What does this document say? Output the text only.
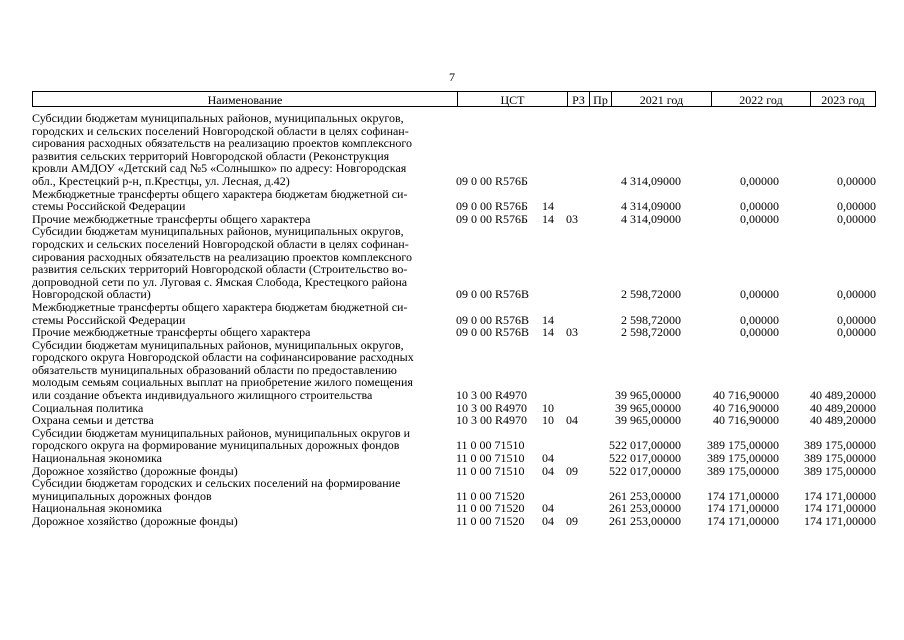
7
Наименование	ЦСТ	РЗ Пр	2021 год	2022 год	2023 год
Субсидии бюджетам муниципальных районов, муниципальных округов,
городских и сельских поселений Новгородской области в целях софинан-
сирования расходных обязательств на реализацию проектов комплексного
развития сельских территорий Новгородской области (Реконструкция
кровли АМДОУ «Детский сад №5 «Солнышко» по адресу: Новгородская
обл., Крестецкий р-н, п.Крестцы, ул. Лесная, д.42)	09 0 00 R576Б	4 314,09000	0,00000	0,00000
Межбюджетные трансферты общего характера бюджетам бюджетной си-
стемы Российской Федерации	09 0 00 R576Б	14	4 314,09000	0,00000	0,00000
Прочие межбюджетные трансферты общего характера	09 0 00 R576Б	14	03	4 314,09000	0,00000	0,00000
Субсидии бюджетам муниципальных районов, муниципальных округов,
городских и сельских поселений Новгородской области в целях софинан-
сирования расходных обязательств на реализацию проектов комплексного
развития сельских территорий Новгородской области (Строительство во-
допроводной сети по ул. Луговая с. Ямская Слобода, Крестецкого района
Новгородской области)	09 0 00 R576В	2 598,72000	0,00000	0,00000
Межбюджетные трансферты общего характера бюджетам бюджетной си-
стемы Российской Федерации	09 0 00 R576В	14	2 598,72000	0,00000	0,00000
Прочие межбюджетные трансферты общего характера	09 0 00 R576В	14	03	2 598,72000	0,00000	0,00000
Субсидии бюджетам муниципальных районов, муниципальных округов,
городского округа Новгородской области на софинансирование расходных
обязательств муниципальных образований области по предоставлению
молодым семьям социальных выплат на приобретение жилого помещения
или создание объекта индивидуального жилищного строительства	10 3 00 R4970	39 965,00000	40 716,90000	40 489,20000
Социальная политика	10 3 00 R4970	10	39 965,00000	40 716,90000	40 489,20000
Охрана семьи и детства	10 3 00 R4970	10	04	39 965,00000	40 716,90000	40 489,20000
Субсидии бюджетам муниципальных районов, муниципальных округов и
городского округа на формирование муниципальных дорожных фондов	11 0 00 71510	522 017,00000	389 175,00000	389 175,00000
Национальная экономика	11 0 00 71510	04	522 017,00000	389 175,00000	389 175,00000
Дорожное хозяйство (дорожные фонды)	11 0 00 71510	04	09	522 017,00000	389 175,00000	389 175,00000
Субсидии бюджетам городских и сельских поселений на формирование
муниципальных дорожных фондов	11 0 00 71520	261 253,00000	174 171,00000	174 171,00000
Национальная экономика	11 0 00 71520	04	261 253,00000	174 171,00000	174 171,00000
Дорожное хозяйство (дорожные фонды)	11 0 00 71520	04	09	261 253,00000	174 171,00000	174 171,00000
